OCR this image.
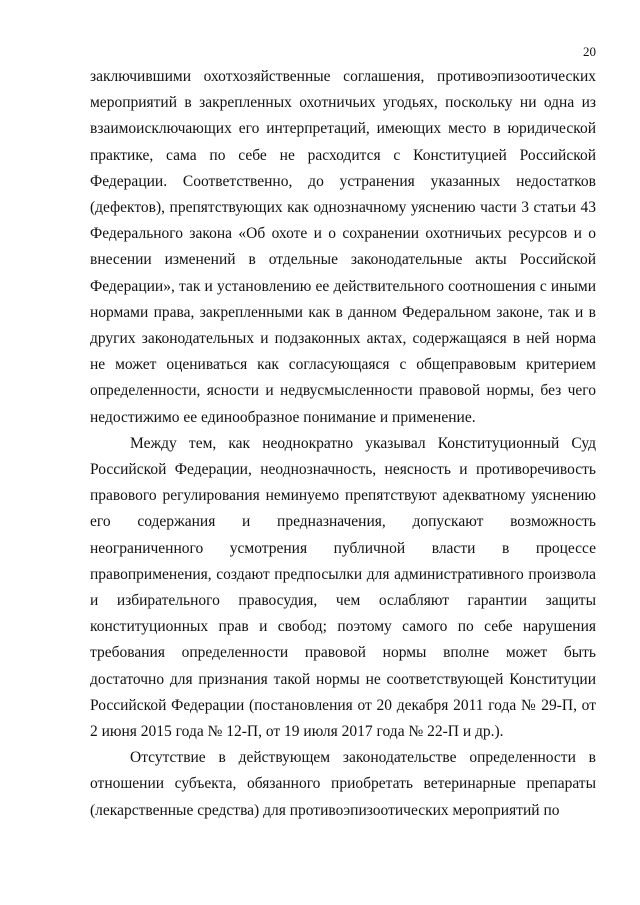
20

заключившими охотхозяйственные соглашения, противоэпизоотических мероприятий в закрепленных охотничьих угодьях, поскольку ни одна из взаимоисключающих его интерпретаций, имеющих место в юридической практике, сама по себе не расходится с Конституцией Российской Федерации. Соответственно, до устранения указанных недостатков (дефектов), препятствующих как однозначному уяснению части 3 статьи 43 Федерального закона «Об охоте и о сохранении охотничьих ресурсов и о внесении изменений в отдельные законодательные акты Российской Федерации», так и установлению ее действительного соотношения с иными нормами права, закрепленными как в данном Федеральном законе, так и в других законодательных и подзаконных актах, содержащаяся в ней норма не может оцениваться как согласующаяся с общеправовым критерием определенности, ясности и недвусмысленности правовой нормы, без чего недостижимо ее единообразное понимание и применение.

Между тем, как неоднократно указывал Конституционный Суд Российской Федерации, неоднозначность, неясность и противоречивость правового регулирования неминуемо препятствуют адекватному уяснению его содержания и предназначения, допускают возможность неограниченного усмотрения публичной власти в процессе правоприменения, создают предпосылки для административного произвола и избирательного правосудия, чем ослабляют гарантии защиты конституционных прав и свобод; поэтому самого по себе нарушения требования определенности правовой нормы вполне может быть достаточно для признания такой нормы не соответствующей Конституции Российской Федерации (постановления от 20 декабря 2011 года № 29-П, от 2 июня 2015 года № 12-П, от 19 июля 2017 года № 22-П и др.).

Отсутствие в действующем законодательстве определенности в отношении субъекта, обязанного приобретать ветеринарные препараты (лекарственные средства) для противоэпизоотических мероприятий по
